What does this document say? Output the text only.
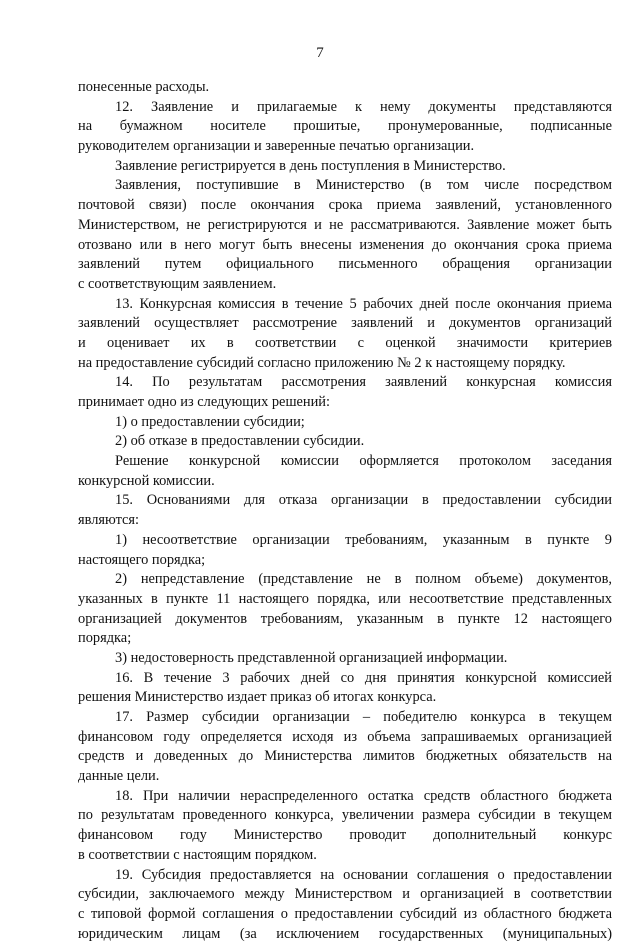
7
понесенные расходы.
12. Заявление и прилагаемые к нему документы представляются
на бумажном носителе прошитые, пронумерованные, подписанные
руководителем организации и заверенные печатью организации.
Заявление регистрируется в день поступления в Министерство.
Заявления, поступившие в Министерство (в том числе посредством
почтовой связи) после окончания срока приема заявлений, установленного
Министерством, не регистрируются и не рассматриваются. Заявление может быть
отозвано или в него могут быть внесены изменения до окончания срока приема
заявлений путем официального письменного обращения организации
с соответствующим заявлением.
13. Конкурсная комиссия в течение 5 рабочих дней после окончания приема
заявлений осуществляет рассмотрение заявлений и документов организаций
и оценивает их в соответствии с оценкой значимости критериев
на предоставление субсидий согласно приложению № 2 к настоящему порядку.
14. По результатам рассмотрения заявлений конкурсная комиссия
принимает одно из следующих решений:
1) о предоставлении субсидии;
2) об отказе в предоставлении субсидии.
Решение конкурсной комиссии оформляется протоколом заседания
конкурсной комиссии.
15. Основаниями для отказа организации в предоставлении субсидии
являются:
1) несоответствие организации требованиям, указанным в пункте 9
настоящего порядка;
2) непредставление (представление не в полном объеме) документов,
указанных в пункте 11 настоящего порядка, или несоответствие представленных
организацией документов требованиям, указанным в пункте 12 настоящего
порядка;
3) недостоверность представленной организацией информации.
16. В течение 3 рабочих дней со дня принятия конкурсной комиссией
решения Министерство издает приказ об итогах конкурса.
17. Размер субсидии организации – победителю конкурса в текущем
финансовом году определяется исходя из объема запрашиваемых организацией
средств и доведенных до Министерства лимитов бюджетных обязательств на
данные цели.
18. При наличии нераспределенного остатка средств областного бюджета
по результатам проведенного конкурса, увеличении размера субсидии в текущем
финансовом году Министерство проводит дополнительный конкурс
в соответствии с настоящим порядком.
19. Субсидия предоставляется на основании соглашения о предоставлении
субсидии, заключаемого между Министерством и организацией в соответствии
с типовой формой соглашения о предоставлении субсидий из областного бюджета
юридическим лицам (за исключением государственных (муниципальных)
